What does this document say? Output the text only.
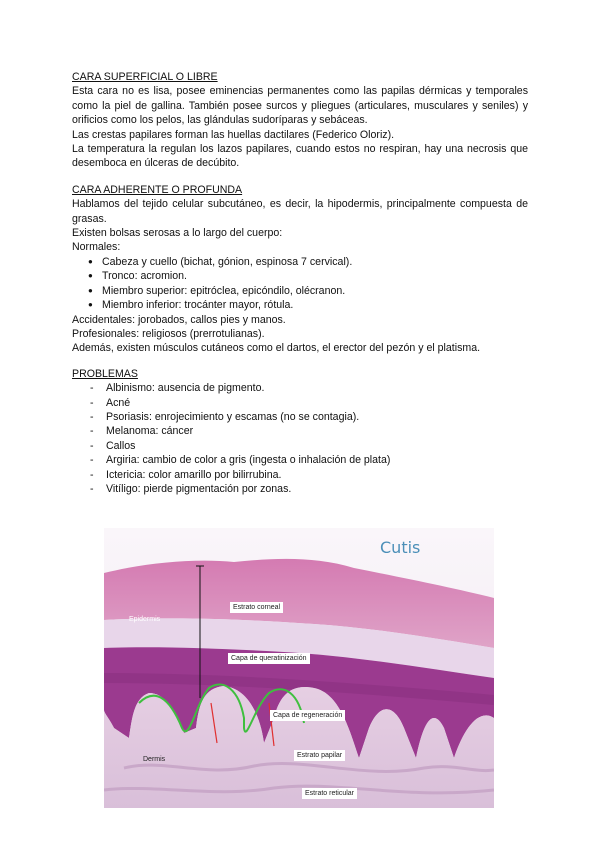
CARA SUPERFICIAL O LIBRE

Esta cara no es lisa, posee eminencias permanentes como las papilas dérmicas y temporales como la piel de gallina. También posee surcos y pliegues (articulares, musculares y seniles) y orificios como los pelos, las glándulas sudoríparas y sebáceas.

Las crestas papilares forman las huellas dactilares (Federico Oloriz).

La temperatura la regulan los lazos papilares, cuando estos no respiran, hay una necrosis que desemboca en úlceras de decúbito.

CARA ADHERENTE O PROFUNDA

Hablamos del tejido celular subcutáneo, es decir, la hipodermis, principalmente compuesta de grasas.

Existen bolsas serosas a lo largo del cuerpo:

Normales:

● Cabeza y cuello (bichat, gónion, espinosa 7 cervical).
● Tronco: acromion.
● Miembro superior: epitróclea, epicóndilo, olécranon.
● Miembro inferior: trocánter mayor, rótula.

Accidentales: jorobados, callos pies y manos.

Profesionales: religiosos (prerrotulianas).

Además, existen músculos cutáneos como el dartos, el erector del pezón y el platisma.

PROBLEMAS
- Albinismo: ausencia de pigmento.
- Acné
- Psoriasis: enrojecimiento y escamas (no se contagia).
- Melanoma: cáncer
- Callos
- Argiria: cambio de color a gris (ingesta o inhalación de plata)
- Ictericia: color amarillo por bilirrubina.
- Vitíligo: pierde pigmentación por zonas.
Cutis
Epidermis
Estrato corneal
Capa de queratinización
Capa de regeneración
Estrato papilar
Dermis
Estrato reticular
